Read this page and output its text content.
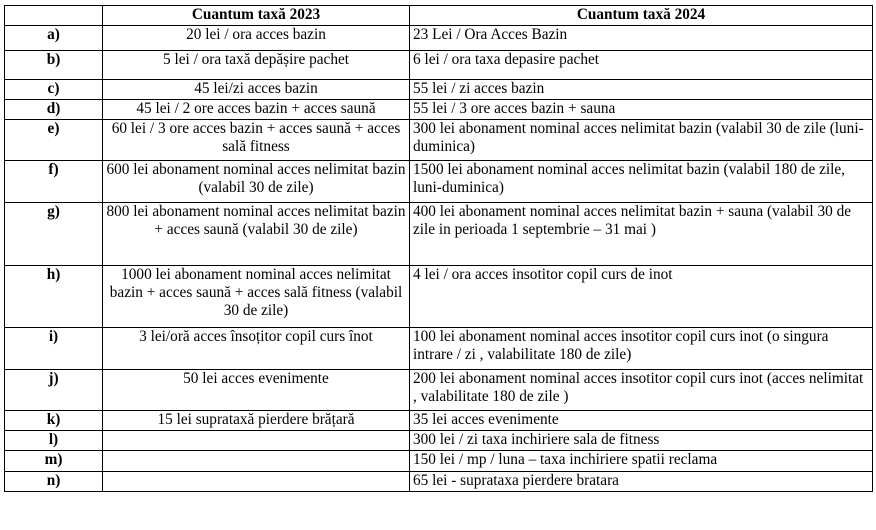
	Cuantum taxă 2023	Cuantum taxă 2024
a)	20 lei / ora acces bazin	23 Lei / Ora Acces Bazin
b)	5 lei / ora taxă depășire pachet	6 lei / ora taxa depasire pachet
c)	45 lei/zi acces bazin	55 lei / zi acces bazin
d)	45 lei / 2 ore acces bazin + acces saună	55 lei / 3 ore acces bazin + sauna
e)	60 lei / 3 ore acces bazin + acces saună + acces sală fitness	300 lei abonament nominal acces nelimitat bazin (valabil 30 de zile (luni-duminica)
f)	600 lei abonament nominal acces nelimitat bazin (valabil 30 de zile)	1500 lei abonament nominal acces nelimitat bazin (valabil 180 de zile, luni-duminica)
g)	800 lei abonament nominal acces nelimitat bazin + acces saună (valabil 30 de zile)	400 lei abonament nominal acces nelimitat bazin + sauna (valabil 30 de zile in perioada 1 septembrie – 31 mai )
h)	1000 lei abonament nominal acces nelimitat bazin + acces saună + acces sală fitness (valabil 30 de zile)	4 lei / ora acces insotitor copil curs de inot
i)	3 lei/oră acces însoțitor copil curs înot	100 lei abonament nominal acces insotitor copil curs inot (o singura intrare / zi , valabilitate 180 de zile)
j)	50 lei acces evenimente	200 lei abonament nominal acces insotitor copil curs inot (acces nelimitat , valabilitate 180 de zile )
k)	15 lei suprataxă pierdere brățară	35 lei acces evenimente
l)		300 lei / zi taxa inchiriere sala de fitness
m)		150 lei / mp / luna – taxa inchiriere spatii reclama
n)		65 lei - suprataxa pierdere bratara
